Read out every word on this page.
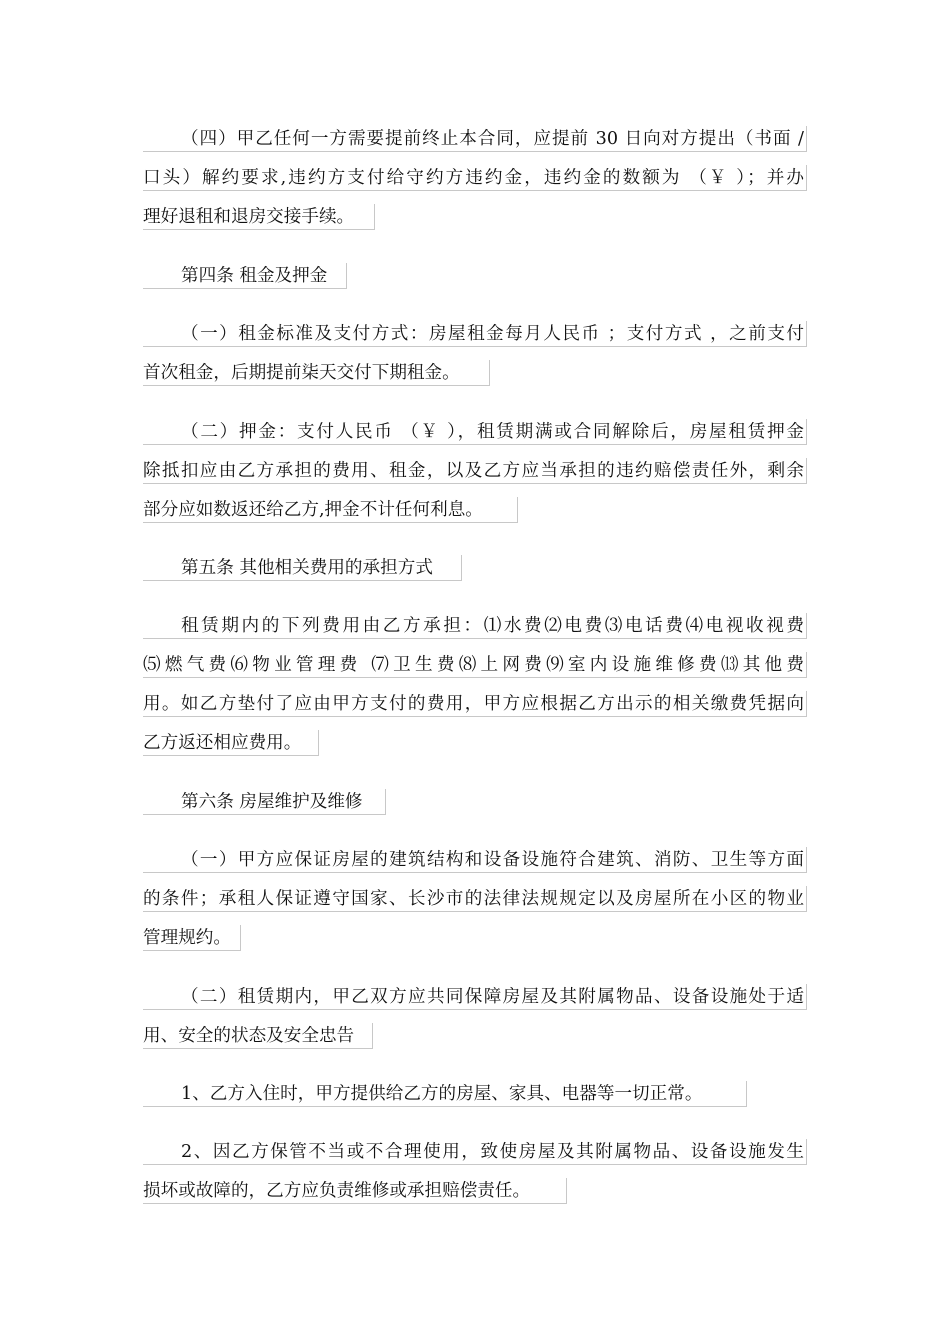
（四）甲乙任何一方需要提前终止本合同，应提前 30 日向对方提出（书面 /
口头）解约要求,违约方支付给守约方违约金，违约金的数额为 （￥ ）；并办
理好退租和退房交接手续。
第四条 租金及押金
（一）租金标准及支付方式：房屋租金每月人民币 ；支付方式 ，之前支付
首次租金，后期提前柒天交付下期租金。
（二）押金：支付人民币 （￥ ），租赁期满或合同解除后，房屋租赁押金
除抵扣应由乙方承担的费用、租金，以及乙方应当承担的违约赔偿责任外，剩余
部分应如数返还给乙方,押金不计任何利息。
第五条 其他相关费用的承担方式
租赁期内的下列费用由乙方承担：⑴水费⑵电费⑶电话费⑷电视收视费
⑸燃气费⑹物业管理费 ⑺卫生费⑻上网费⑼室内设施维修费⒀其他费
用。如乙方垫付了应由甲方支付的费用，甲方应根据乙方出示的相关缴费凭据向
乙方返还相应费用。
第六条 房屋维护及维修
（一）甲方应保证房屋的建筑结构和设备设施符合建筑、消防、卫生等方面
的条件；承租人保证遵守国家、长沙市的法律法规规定以及房屋所在小区的物业
管理规约。
（二）租赁期内，甲乙双方应共同保障房屋及其附属物品、设备设施处于适
用、安全的状态及安全忠告
1、乙方入住时，甲方提供给乙方的房屋、家具、电器等一切正常。
2、因乙方保管不当或不合理使用，致使房屋及其附属物品、设备设施发生
损坏或故障的，乙方应负责维修或承担赔偿责任。
